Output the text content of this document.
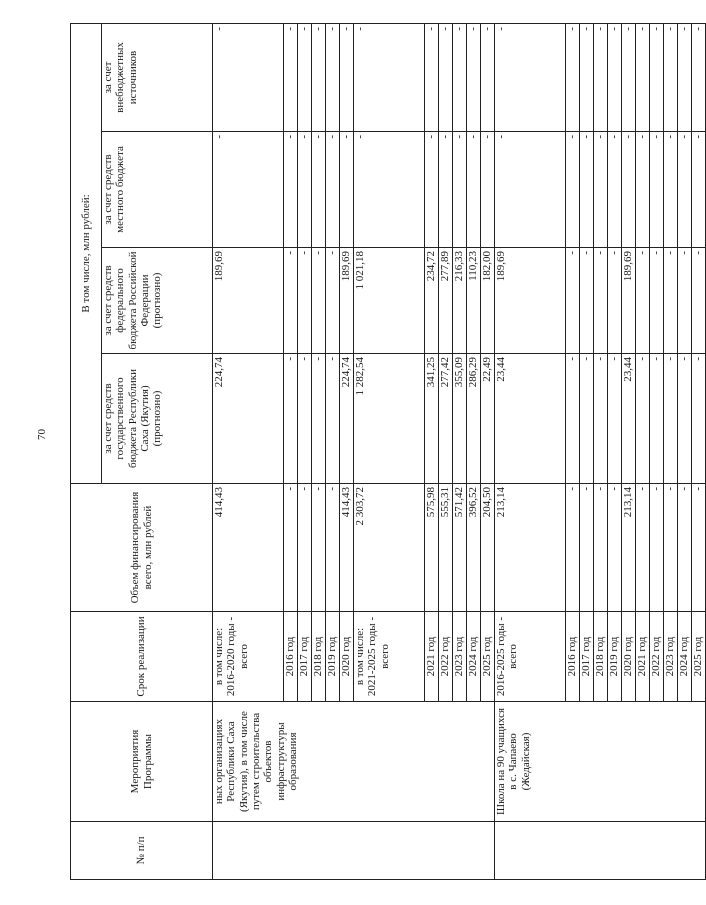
70
№ п/п	Мероприятия Программы	Срок реализации	Объем финансирования всего, млн рублей	В том числе, млн рублей:			
				за счет средств государственного бюджета Республики Саха (Якутия) (прогнозно)	за счет средств федерального бюджета Российской Федерации (прогнозно)	за счет средств местного бюджета	за счет внебюджетных источников
	ных организациях Республики Саха (Якутия), в том числе путем строительства объектов инфраструктуры образования	в том числе: 2016-2020 годы - всего	414,43	224,74	189,69	-	-
		2016 год	-	-	-	-	-
		2017 год	-	-	-	-	-
		2018 год	-	-	-	-	-
		2019 год	-	-	-	-	-
		2020 год	414,43	224,74	189,69	-	-
		в том числе: 2021-2025 годы - всего	2 303,72	1 282,54	1 021,18	-	-
		2021 год	575,98	341,25	234,72	-	-
		2022 год	555,31	277,42	277,89	-	-
		2023 год	571,42	355,09	216,33	-	-
		2024 год	396,52	286,29	110,23	-	-
		2025 год	204,50	22,49	182,00	-	-
	Школа на 90 учащихся в с. Чапаево (Жедайская)	2016-2025 годы - всего	213,14	23,44	189,69	-	-
		2016 год	-	-	-	-	-
		2017 год	-	-	-	-	-
		2018 год	-	-	-	-	-
		2019 год	-	-	-	-	-
		2020 год	213,14	23,44	189,69	-	-
		2021 год	-	-	-	-	-
		2022 год	-	-	-	-	-
		2023 год	-	-	-	-	-
		2024 год	-	-	-	-	-
		2025 год	-	-	-	-	-
